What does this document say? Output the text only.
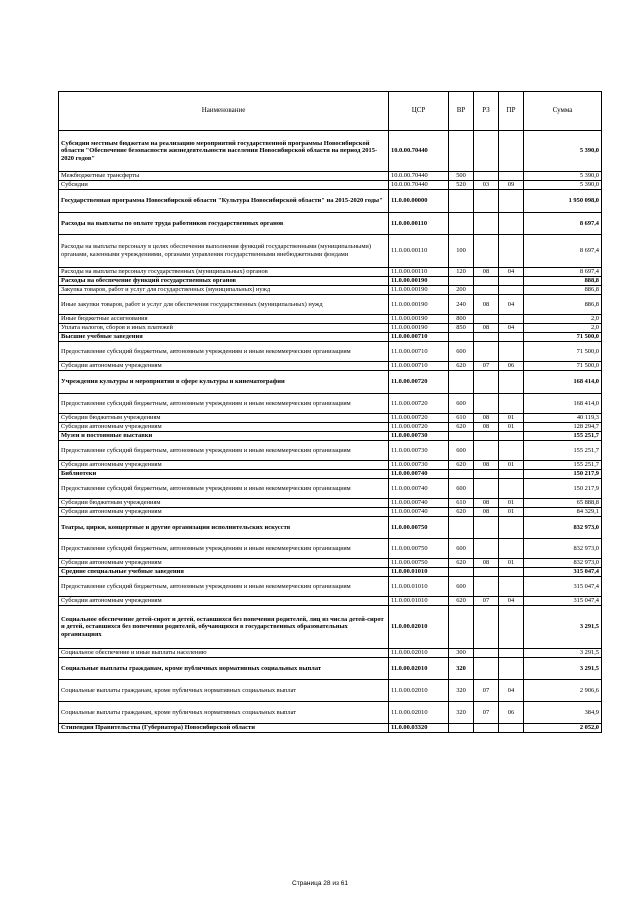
Наименование	ЦСР	ВР	РЗ	ПР	Сумма
Субсидии местным бюджетам на реализацию мероприятий государственной программы Новосибирской области "Обеспечение безопасности жизнедеятельности населения Новосибирской области на период 2015-2020 годов"	10.0.00.70440				5 390,0
Межбюджетные трансферты	10.0.00.70440	500			5 390,0
Субсидии	10.0.00.70440	520	03	09	5 390,0
Государственная программа Новосибирской области "Культура Новосибирской области" на 2015-2020 годы"	11.0.00.00000				1 950 098,0
Расходы на выплаты по оплате труда работников государственных органов	11.0.00.00110				8 697,4
Расходы на выплаты персоналу в целях обеспечения выполнения функций государственными (муниципальными) органами, казенными учреждениями, органами управления государственными внебюджетными фондами	11.0.00.00110	100			8 697,4
Расходы на выплаты персоналу государственных (муниципальных) органов	11.0.00.00110	120	08	04	8 697,4
Расходы на обеспечение функций государственных органов	11.0.00.00190				888,8
Закупка товаров, работ и услуг для государственных (муниципальных) нужд	11.0.00.00190	200			886,8
Иные закупки товаров, работ и услуг для обеспечения государственных (муниципальных) нужд	11.0.00.00190	240	08	04	886,8
Иные бюджетные ассигнования	11.0.00.00190	800			2,0
Уплата налогов, сборов и иных платежей	11.0.00.00190	850	08	04	2,0
Высшие учебные заведения	11.0.00.00710				71 500,0
Предоставление субсидий бюджетным, автономным учреждениям и иным некоммерческим организациям	11.0.00.00710	600			71 500,0
Субсидии автономным учреждениям	11.0.00.00710	620	07	06	71 500,0
Учреждения культуры и мероприятия в сфере культуры и кинематографии	11.0.00.00720				168 414,0
Предоставление субсидий бюджетным, автономным учреждениям и иным некоммерческим организациям	11.0.00.00720	600			168 414,0
Субсидии бюджетным учреждениям	11.0.00.00720	610	08	01	40 119,3
Субсидии автономным учреждениям	11.0.00.00720	620	08	01	128 294,7
Музеи и постоянные выставки	11.0.00.00730				155 251,7
Предоставление субсидий бюджетным, автономным учреждениям и иным некоммерческим организациям	11.0.00.00730	600			155 251,7
Субсидии автономным учреждениям	11.0.00.00730	620	08	01	155 251,7
Библиотеки	11.0.00.00740				150 217,9
Предоставление субсидий бюджетным, автономным учреждениям и иным некоммерческим организациям	11.0.00.00740	600			150 217,9
Субсидии бюджетным учреждениям	11.0.00.00740	610	08	01	65 888,8
Субсидии автономным учреждениям	11.0.00.00740	620	08	01	84 329,1
Театры, цирки, концертные и другие организации исполнительских искусств	11.0.00.00750				832 973,0
Предоставление субсидий бюджетным, автономным учреждениям и иным некоммерческим организациям	11.0.00.00750	600			832 973,0
Субсидии автономным учреждениям	11.0.00.00750	620	08	01	832 973,0
Средние специальные учебные заведения	11.0.00.01010				315 047,4
Предоставление субсидий бюджетным, автономным учреждениям и иным некоммерческим организациям	11.0.00.01010	600			315 047,4
Субсидии автономным учреждениям	11.0.00.01010	620	07	04	315 047,4
Социальное обеспечение детей-сирот и детей, оставшихся без попечения родителей, лиц из числа детей-сирот и детей, оставшихся без попечения родителей, обучающихся в государственных образовательных организациях	11.0.00.02010				3 291,5
Социальное обеспечение и иные выплаты населению	11.0.00.02010	300			3 291,5
Социальные выплаты гражданам, кроме публичных нормативных социальных выплат	11.0.00.02010	320			3 291,5
Социальные выплаты гражданам, кроме публичных нормативных социальных выплат	11.0.00.02010	320	07	04	2 906,6
Социальные выплаты гражданам, кроме публичных нормативных социальных выплат	11.0.00.02010	320	07	06	384,9
Стипендия Правительства (Губернатора) Новосибирской области	11.0.00.03320				2 052,0
Страница 28 из 61
